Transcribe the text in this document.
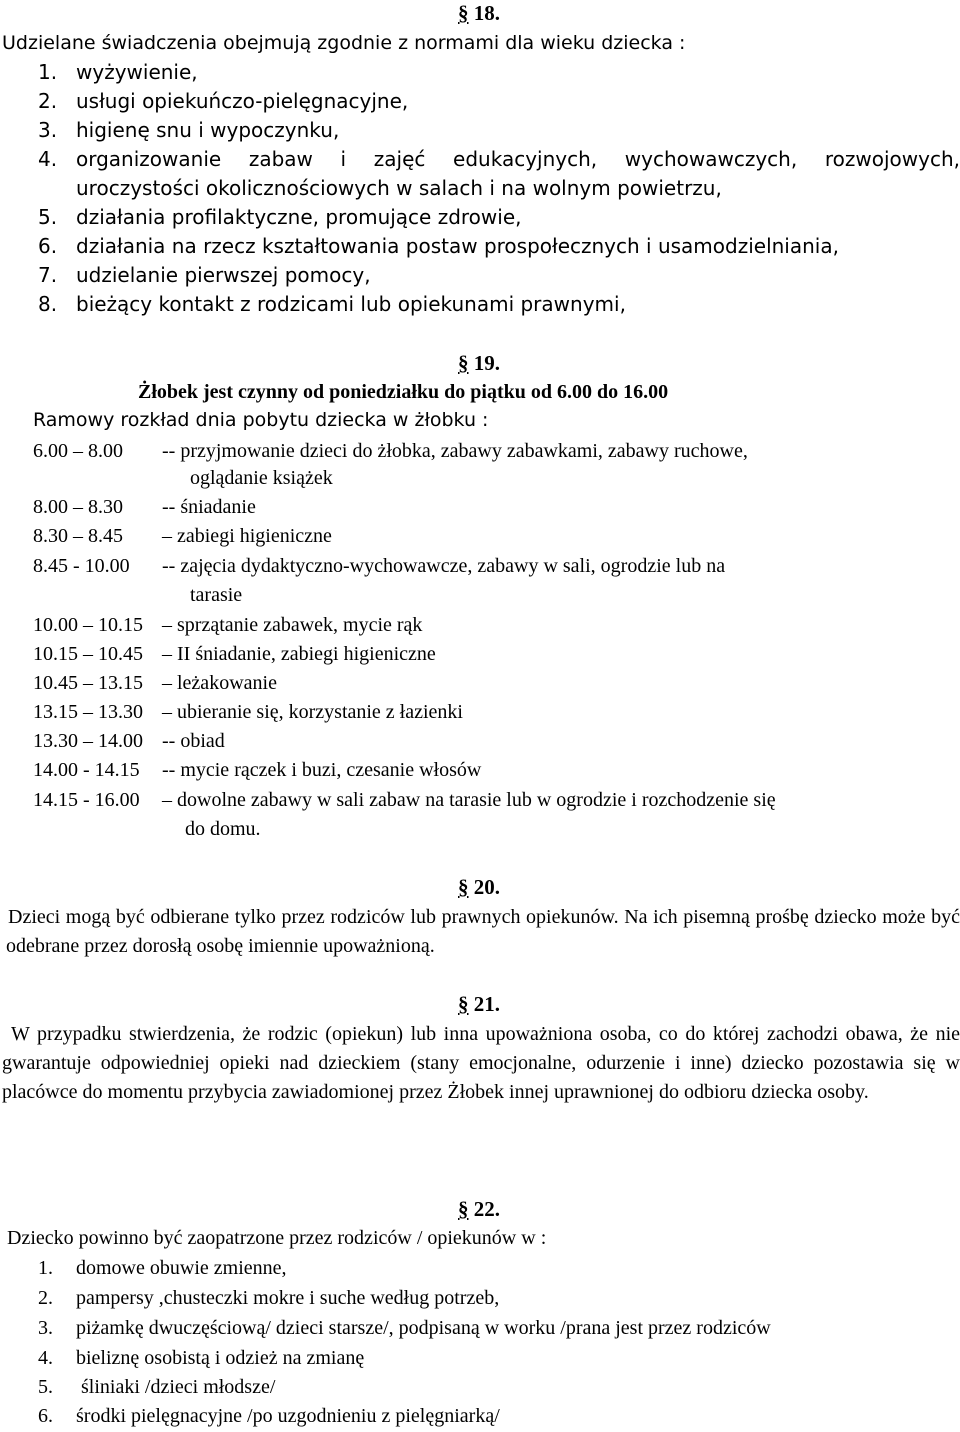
§ 18.
Udzielane świadczenia obejmują zgodnie z normami dla wieku dziecka :
1. wyżywienie,
2. usługi opiekuńczo-pielęgnacyjne,
3. higienę snu i wypoczynku,
4. organizowanie zabaw i zajęć edukacyjnych, wychowawczych, rozwojowych,
uroczystości okolicznościowych w salach i na wolnym powietrzu,
5. działania profilaktyczne, promujące zdrowie,
6. działania na rzecz kształtowania postaw prospołecznych i usamodzielniania,
7. udzielanie pierwszej pomocy,
8. bieżący kontakt z rodzicami lub opiekunami prawnymi,
§ 19.
Żłobek jest czynny od poniedziałku do piątku od 6.00 do 16.00
Ramowy rozkład dnia pobytu dziecka w żłobku :
6.00 – 8.00 -- przyjmowanie dzieci do żłobka, zabawy zabawkami, zabawy ruchowe,
oglądanie książek
8.00 – 8.30 -- śniadanie
8.30 – 8.45 – zabiegi higieniczne
8.45 - 10.00 -- zajęcia dydaktyczno-wychowawcze, zabawy w sali, ogrodzie lub na
tarasie
10.00 – 10.15 – sprzątanie zabawek, mycie rąk
10.15 – 10.45 – II śniadanie, zabiegi higieniczne
10.45 – 13.15 – leżakowanie
13.15 – 13.30 – ubieranie się, korzystanie z łazienki
13.30 – 14.00 -- obiad
14.00 - 14.15 -- mycie rączek i buzi, czesanie włosów
14.15 - 16.00 – dowolne zabawy w sali zabaw na tarasie lub w ogrodzie i rozchodzenie się
do domu.
§ 20.
Dzieci mogą być odbierane tylko przez rodziców lub prawnych opiekunów. Na ich pisemną prośbę dziecko może być odebrane przez dorosłą osobę imiennie upoważnioną.
§ 21.
W przypadku stwierdzenia, że rodzic (opiekun) lub inna upoważniona osoba, co do której zachodzi obawa, że nie gwarantuje odpowiedniej opieki nad dzieckiem (stany emocjonalne, odurzenie i inne) dziecko pozostawia się w placówce do momentu przybycia zawiadomionej przez Żłobek innej uprawnionej do odbioru dziecka osoby.
§ 22.
Dziecko powinno być zaopatrzone przez rodziców / opiekunów w :
1. domowe obuwie zmienne,
2. pampersy ,chusteczki mokre i suche według potrzeb,
3. piżamkę dwuczęściową/ dzieci starsze/, podpisaną w worku /prana jest przez rodziców
4. bieliznę osobistą i odzież na zmianę
5. śliniaki /dzieci młodsze/
6. środki pielęgnacyjne /po uzgodnieniu z pielęgniarką/
